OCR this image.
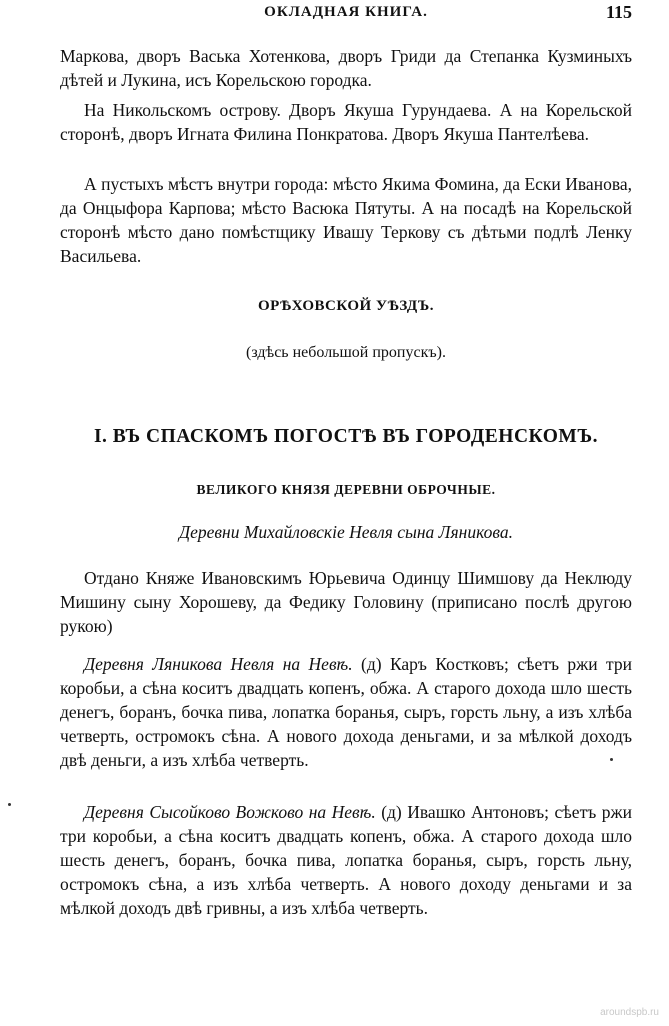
ОКЛАДНАЯ КНИГА.	115

Маркова, дворъ Васька Хотенкова, дворъ Гриди да Степанка Кузминыхъ дѣтей и Лукина, исъ Корельскою городка.

На Никольскомъ острову. Дворъ Якуша Гурундаева. А на Корельской сторонѣ, дворъ Игната Филина Понкратова. Дворъ Якуша Пантелѣева.

А пустыхъ мѣстъ внутри города: мѣсто Якима Фомина, да Ески Иванова, да Онцыфора Карпова; мѣсто Васюка Пятуты. А на посадѣ на Корельской сторонѣ мѣсто дано помѣстщику Ивашу Теркову съ дѣтьми подлѣ Ленку Васильева.

ОРѢХОВСКОЙ УѢЗДЪ.

(здѣсь небольшой пропускъ).

I. ВЪ СПАСКОМЪ ПОГОСТѢ ВЪ ГОРОДЕНСКОМЪ.

ВЕЛИКОГО КНЯЗЯ ДЕРЕВНИ ОБРОЧНЫЕ.

Деревни Михайловскіе Невля сына Ляникова.

Отдано Княже Ивановскимъ Юрьевича Одинцу Шимшову да Неклюду Мишину сыну Хорошеву, да Федику Головину (приписано послѣ другою рукою)

Деревня Ляникова Невля на Невѣ. (д) Каръ Костковъ; сѣетъ ржи три коробьи, а сѣна коситъ двадцать копенъ, обжа. А старого дохода шло шесть денегъ, боранъ, бочка пива, лопатка боранья, сыръ, горсть льну, а изъ хлѣба четверть, остромокъ сѣна. А нового дохода деньгами, и за мѣлкой доходъ двѣ деньги, а изъ хлѣба четверть.

Деревня Сысойково Вожково на Невѣ. (д) Ивашко Антоновъ; сѣетъ ржи три коробьи, а сѣна коситъ двадцать копенъ, обжа. А старого дохода шло шесть денегъ, боранъ, бочка пива, лопатка боранья, сыръ, горсть льну, остромокъ сѣна, а изъ хлѣба четверть. А нового доходу деньгами и за мѣлкой доходъ двѣ гривны, а изъ хлѣба четверть.

aroundspb.ru
